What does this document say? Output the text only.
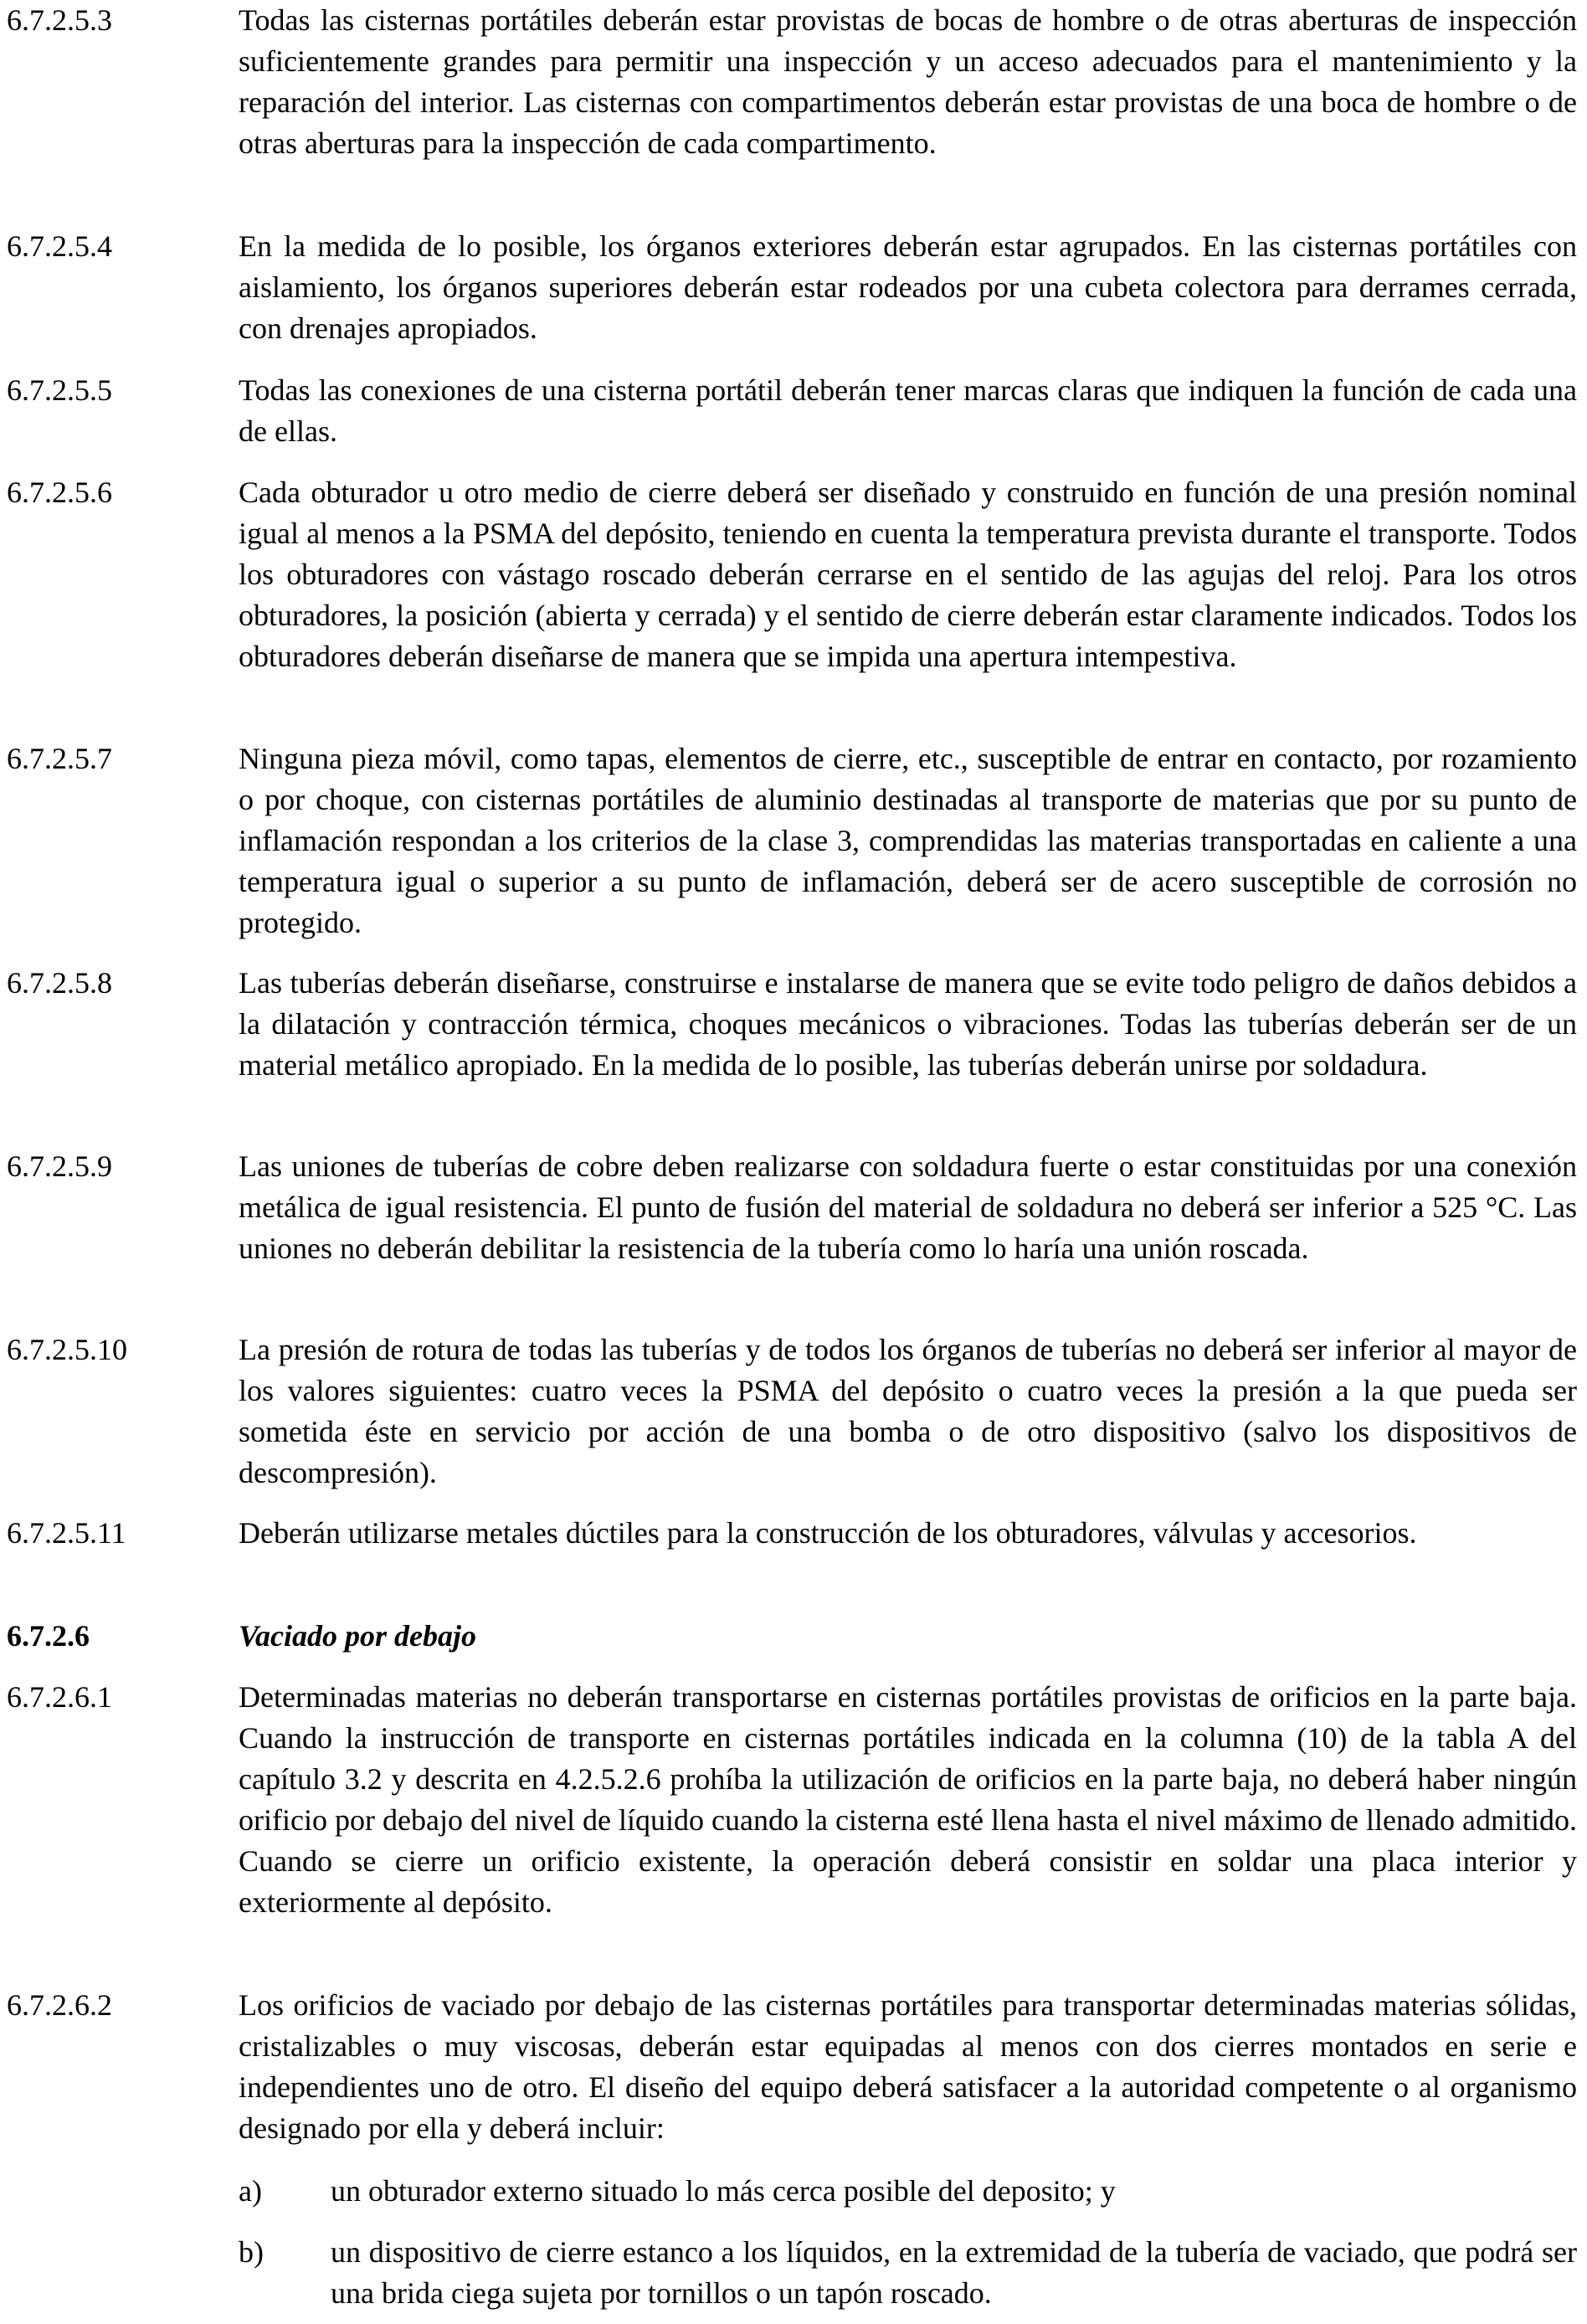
6.7.2.5.3	Todas las cisternas portátiles deberán estar provistas de bocas de hombre o de otras aberturas de inspección suficientemente grandes para permitir una inspección y un acceso adecuados para el mantenimiento y la reparación del interior. Las cisternas con compartimentos deberán estar provistas de una boca de hombre o de otras aberturas para la inspección de cada compartimento.
6.7.2.5.4	En la medida de lo posible, los órganos exteriores deberán estar agrupados. En las cisternas portátiles con aislamiento, los órganos superiores deberán estar rodeados por una cubeta colectora para derrames cerrada, con drenajes apropiados.
6.7.2.5.5	Todas las conexiones de una cisterna portátil deberán tener marcas claras que indiquen la función de cada una de ellas.
6.7.2.5.6	Cada obturador u otro medio de cierre deberá ser diseñado y construido en función de una presión nominal igual al menos a la PSMA del depósito, teniendo en cuenta la temperatura prevista durante el transporte. Todos los obturadores con vástago roscado deberán cerrarse en el sentido de las agujas del reloj. Para los otros obturadores, la posición (abierta y cerrada) y el sentido de cierre deberán estar claramente indicados. Todos los obturadores deberán diseñarse de manera que se impida una apertura intempestiva.
6.7.2.5.7	Ninguna pieza móvil, como tapas, elementos de cierre, etc., susceptible de entrar en contacto, por rozamiento o por choque, con cisternas portátiles de aluminio destinadas al transporte de materias que por su punto de inflamación respondan a los criterios de la clase 3, comprendidas las materias transportadas en caliente a una temperatura igual o superior a su punto de inflamación, deberá ser de acero susceptible de corrosión no protegido.
6.7.2.5.8	Las tuberías deberán diseñarse, construirse e instalarse de manera que se evite todo peligro de daños debidos a la dilatación y contracción térmica, choques mecánicos o vibraciones. Todas las tuberías deberán ser de un material metálico apropiado. En la medida de lo posible, las tuberías deberán unirse por soldadura.
6.7.2.5.9	Las uniones de tuberías de cobre deben realizarse con soldadura fuerte o estar constituidas por una conexión metálica de igual resistencia. El punto de fusión del material de soldadura no deberá ser inferior a 525 °C. Las uniones no deberán debilitar la resistencia de la tubería como lo haría una unión roscada.
6.7.2.5.10	La presión de rotura de todas las tuberías y de todos los órganos de tuberías no deberá ser inferior al mayor de los valores siguientes: cuatro veces la PSMA del depósito o cuatro veces la presión a la que pueda ser sometida éste en servicio por acción de una bomba o de otro dispositivo (salvo los dispositivos de descompresión).
6.7.2.5.11	Deberán utilizarse metales dúctiles para la construcción de los obturadores, válvulas y accesorios.
6.7.2.6	Vaciado por debajo
6.7.2.6.1	Determinadas materias no deberán transportarse en cisternas portátiles provistas de orificios en la parte baja. Cuando la instrucción de transporte en cisternas portátiles indicada en la columna (10) de la tabla A del capítulo 3.2 y descrita en 4.2.5.2.6 prohíba la utilización de orificios en la parte baja, no deberá haber ningún orificio por debajo del nivel de líquido cuando la cisterna esté llena hasta el nivel máximo de llenado admitido. Cuando se cierre un orificio existente, la operación deberá consistir en soldar una placa interior y exteriormente al depósito.
6.7.2.6.2	Los orificios de vaciado por debajo de las cisternas portátiles para transportar determinadas materias sólidas, cristalizables o muy viscosas, deberán estar equipadas al menos con dos cierres montados en serie e independientes uno de otro. El diseño del equipo deberá satisfacer a la autoridad competente o al organismo designado por ella y deberá incluir:
a)	un obturador externo situado lo más cerca posible del deposito; y
b)	un dispositivo de cierre estanco a los líquidos, en la extremidad de la tubería de vaciado, que podrá ser una brida ciega sujeta por tornillos o un tapón roscado.
